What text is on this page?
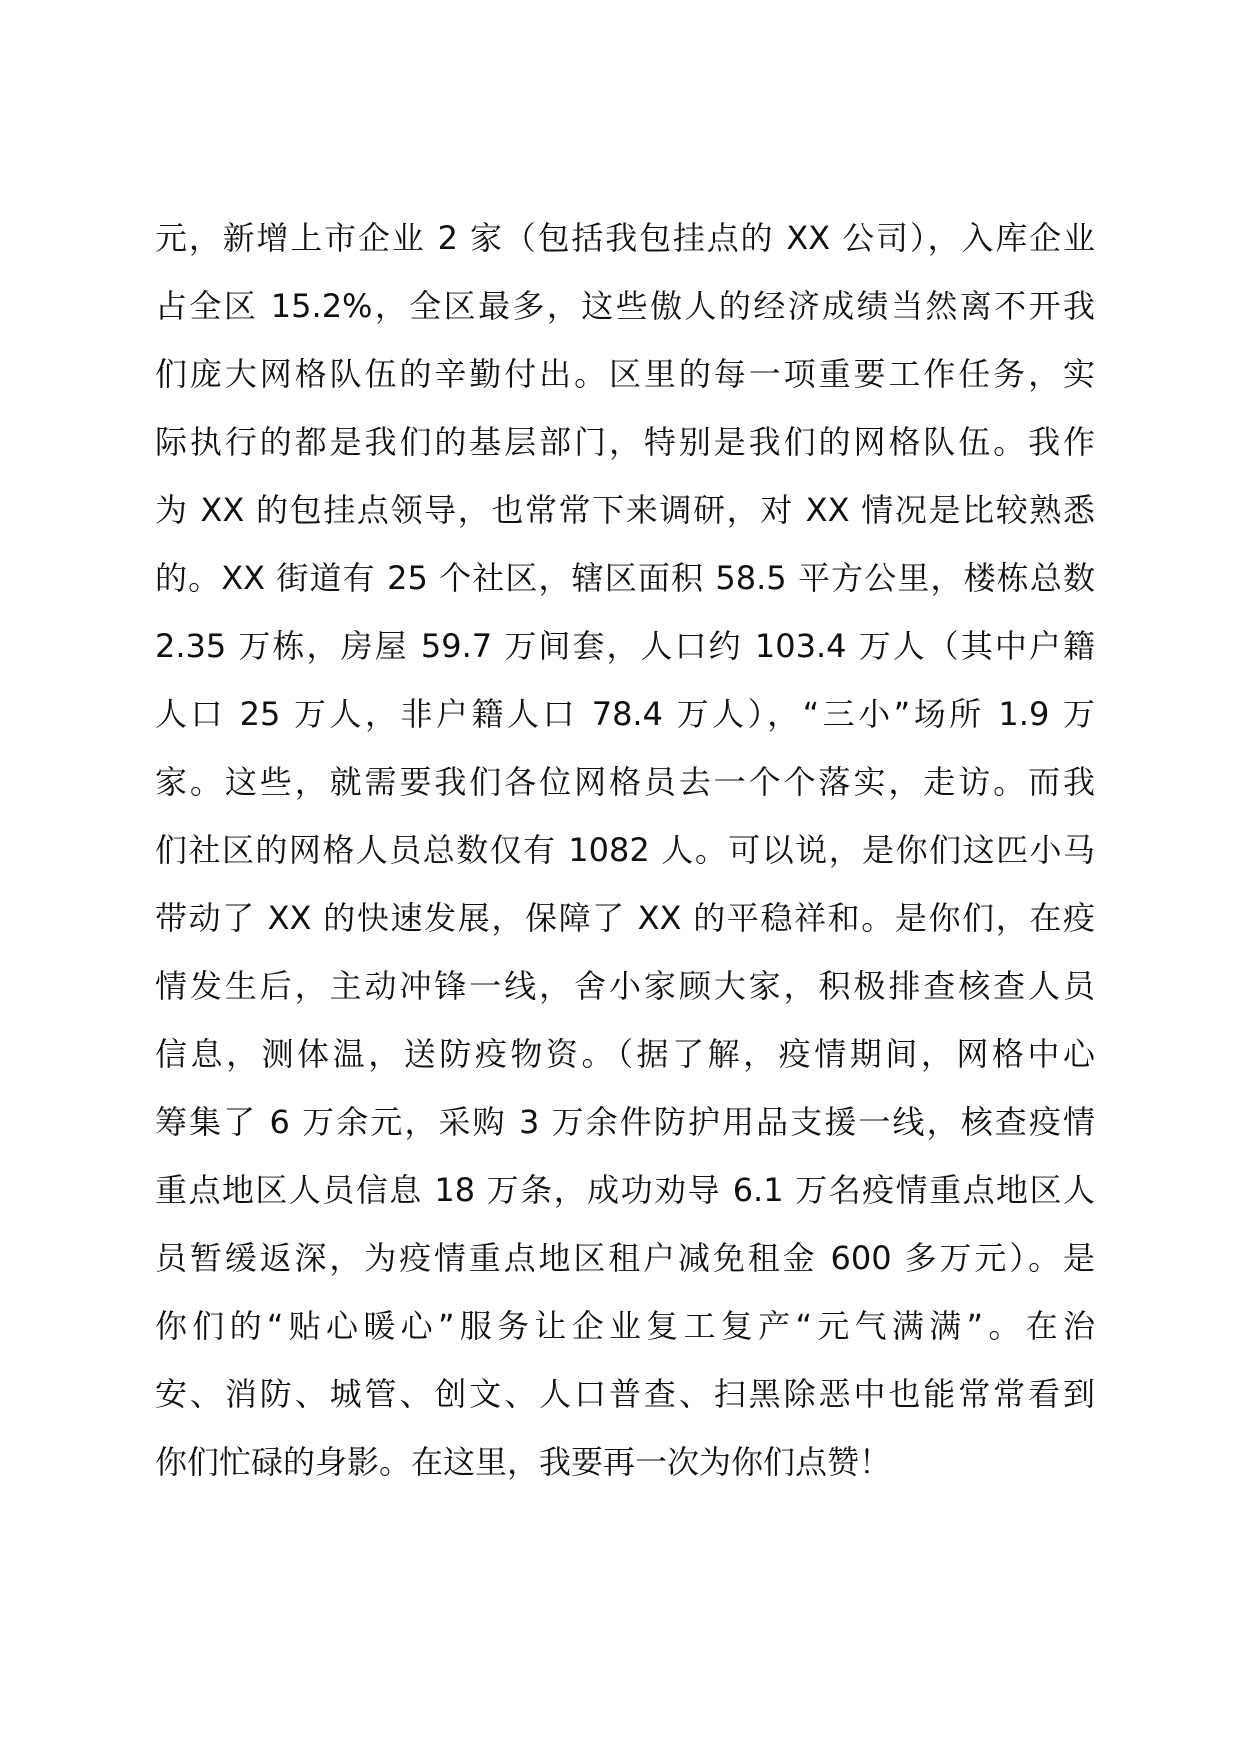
元，新增上市企业 2 家（包括我包挂点的 XX 公司），入库企业
占全区 15.2%，全区最多，这些傲人的经济成绩当然离不开我
们庞大网格队伍的辛勤付出。区里的每一项重要工作任务，实
际执行的都是我们的基层部门，特别是我们的网格队伍。我作
为 XX 的包挂点领导，也常常下来调研，对 XX 情况是比较熟悉
的。XX 街道有 25 个社区，辖区面积 58.5 平方公里，楼栋总数
2.35 万栋，房屋 59.7 万间套，人口约 103.4 万人（其中户籍
人口 25 万人，非户籍人口 78.4 万人），“三小”场所 1.9 万
家。这些，就需要我们各位网格员去一个个落实，走访。而我
们社区的网格人员总数仅有 1082 人。可以说，是你们这匹小马
带动了 XX 的快速发展，保障了 XX 的平稳祥和。是你们，在疫
情发生后，主动冲锋一线，舍小家顾大家，积极排查核查人员
信息，测体温，送防疫物资。（据了解，疫情期间，网格中心
筹集了 6 万余元，采购 3 万余件防护用品支援一线，核查疫情
重点地区人员信息 18 万条，成功劝导 6.1 万名疫情重点地区人
员暂缓返深，为疫情重点地区租户减免租金 600 多万元）。是
你们的“贴心暖心”服务让企业复工复产“元气满满”。在治
安、消防、城管、创文、人口普查、扫黑除恶中也能常常看到
你们忙碌的身影。在这里，我要再一次为你们点赞！
